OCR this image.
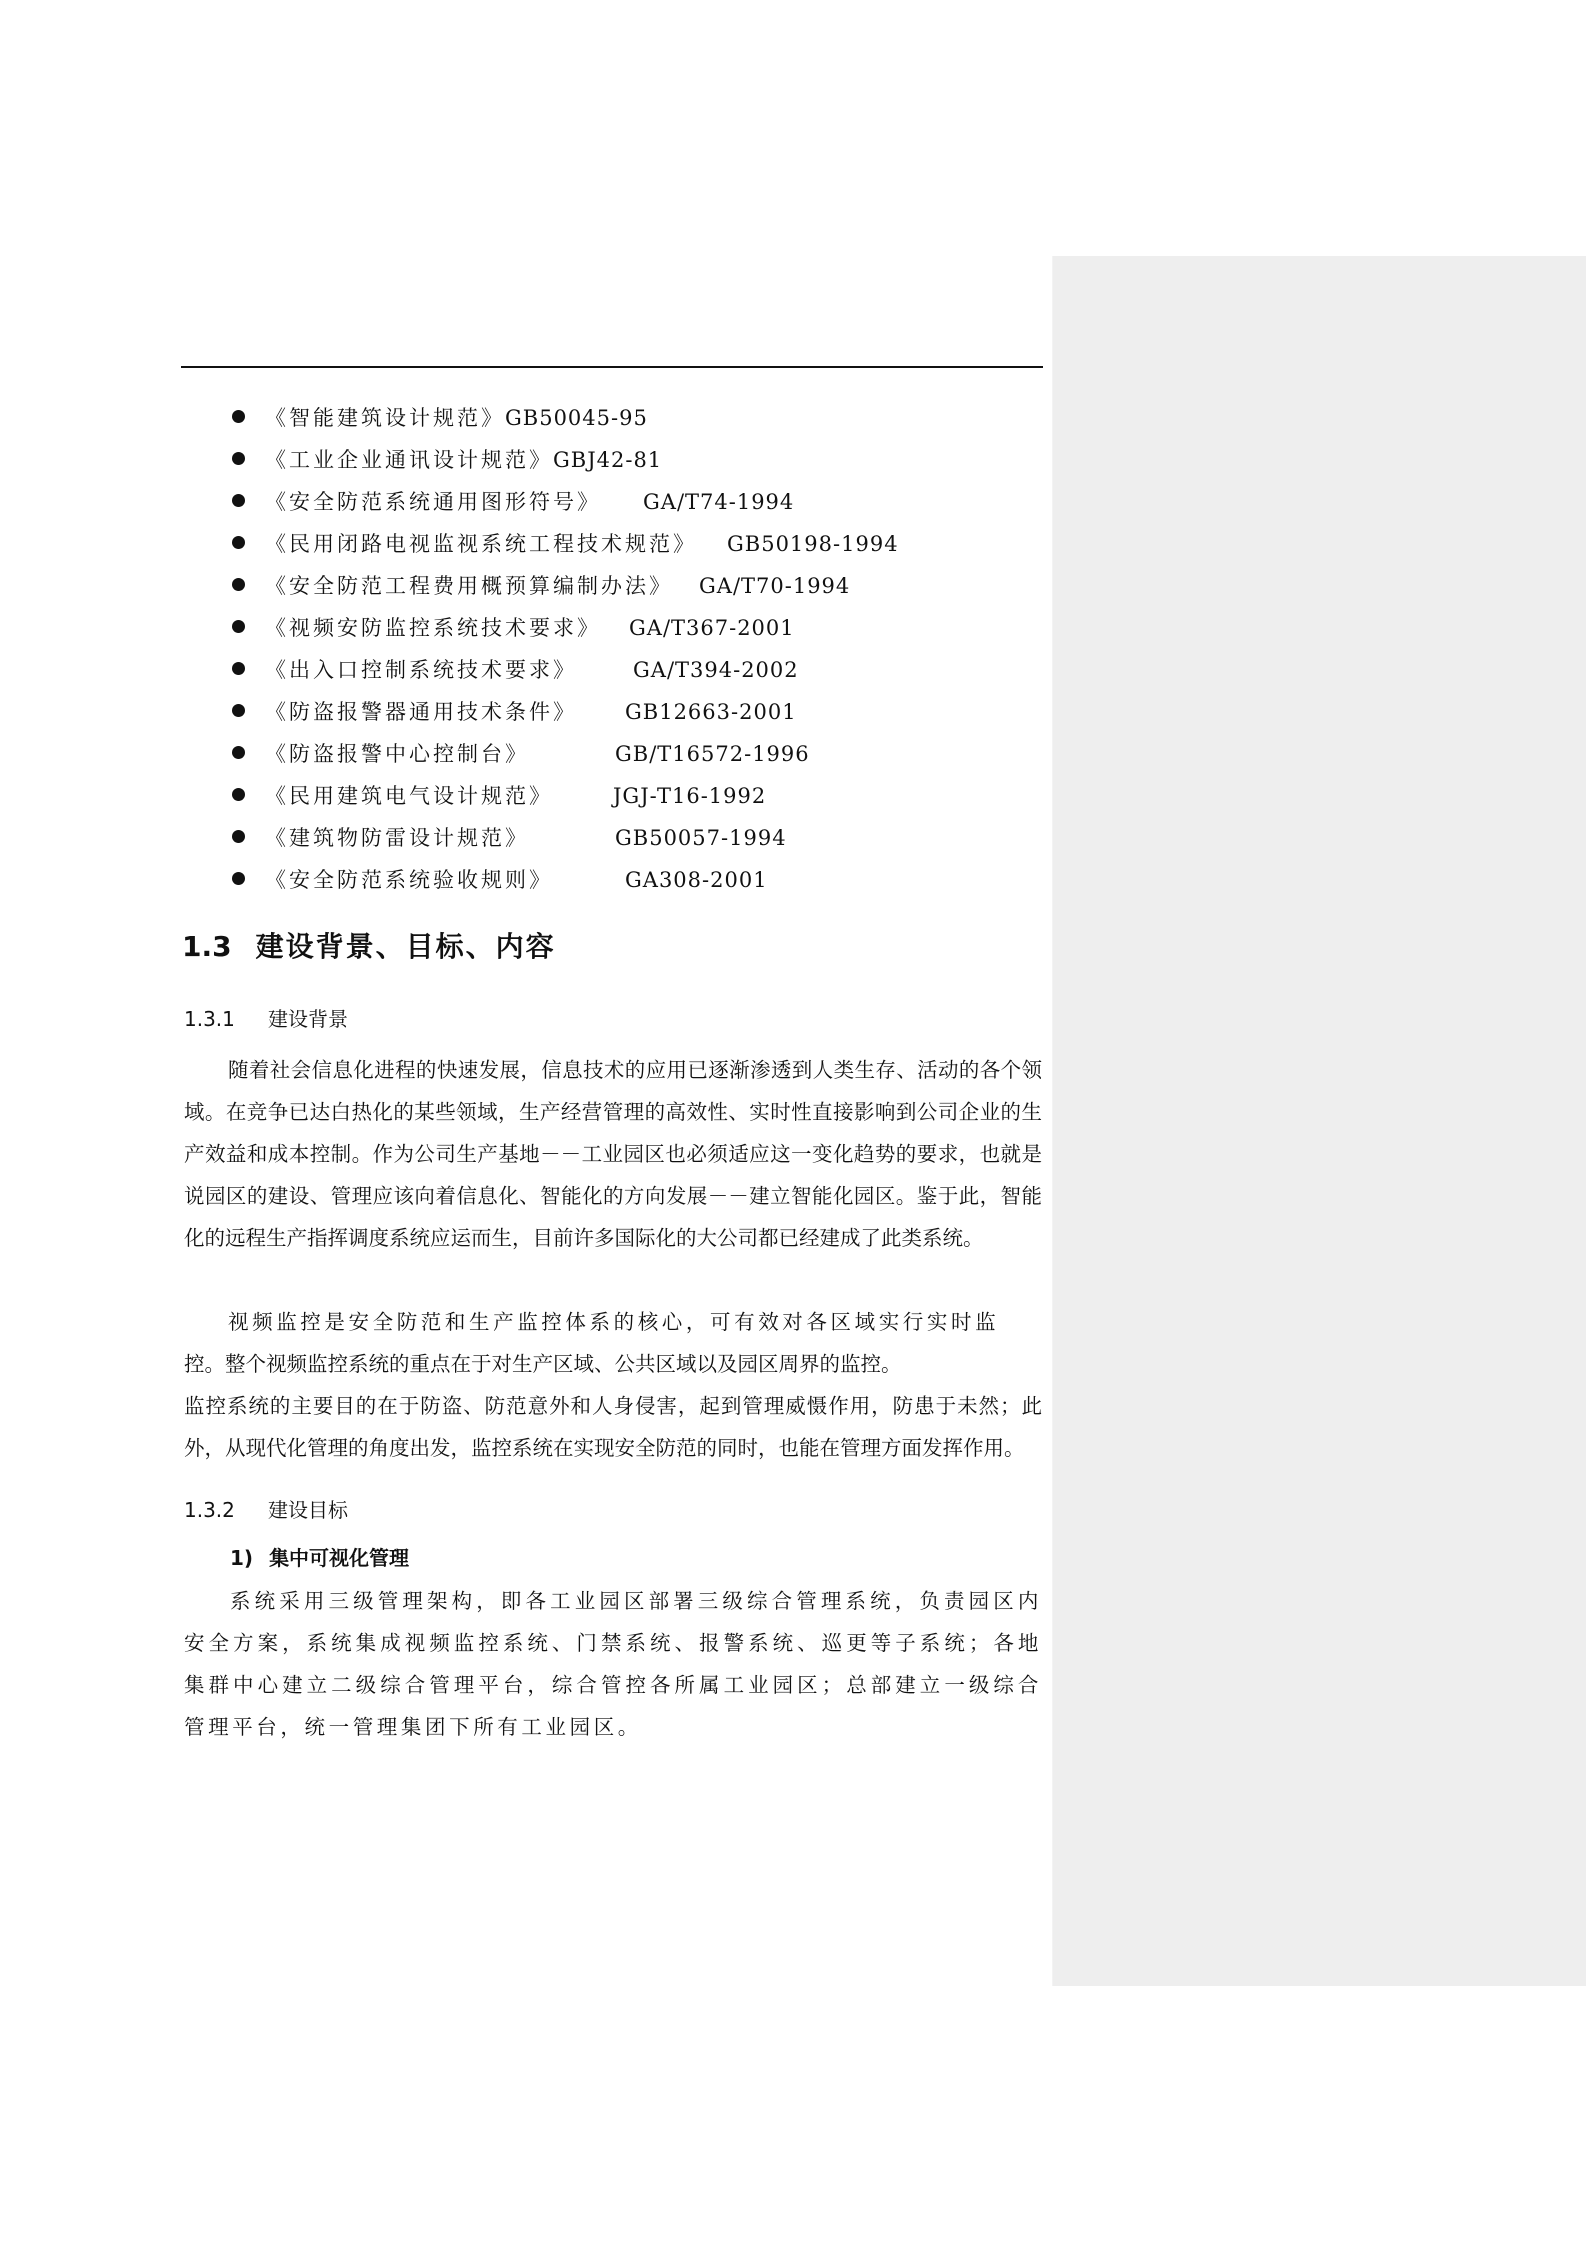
《智能建筑设计规范》GB50045-95
《工业企业通讯设计规范》GBJ42-81
《安全防范系统通用图形符号》 GA/T74-1994
《民用闭路电视监视系统工程技术规范》 GB50198-1994
《安全防范工程费用概预算编制办法》 GA/T70-1994
《视频安防监控系统技术要求》 GA/T367-2001
《出入口控制系统技术要求》	GA/T394-2002
《防盗报警器通用技术条件》 GB12663-2001
《防盗报警中心控制台》	GB/T16572-1996
《民用建筑电气设计规范》	JGJ-T16-1992
《建筑物防雷设计规范》	GB50057-1994
《安全防范系统验收规则》	GA308-2001
1.3 建设背景、目标、内容
1.3.1 建设背景

随着社会信息化进程的快速发展，信息技术的应用已逐渐渗透到人类生存、活动的各个领域。在竞争已达白热化的某些领域，生产经营管理的高效性、实时性直接影响到公司企业的生产效益和成本控制。作为公司生产基地－－工业园区也必须适应这一变化趋势的要求，也就是说园区的建设、管理应该向着信息化、智能化的方向发展－－建立智能化园区。鉴于此，智能化的远程生产指挥调度系统应运而生，目前许多国际化的大公司都已经建成了此类系统。

视频监控是安全防范和生产监控体系的核心，可有效对各区域实行实时监

控。整个视频监控系统的重点在于对生产区域、公共区域以及园区周界的监控。

监控系统的主要目的在于防盗、防范意外和人身侵害，起到管理威慑作用，防患于未然；此外，从现代化管理的角度出发，监控系统在实现安全防范的同时，也能在管理方面发挥作用。

1.3.2 建设目标
1) 集中可视化管理

系统采用三级管理架构，即各工业园区部署三级综合管理系统，负责园区内安全方案，系统集成视频监控系统、门禁系统、报警系统、巡更等子系统；各地集群中心建立二级综合管理平台，综合管控各所属工业园区；总部建立一级综合管理平台，统一管理集团下所有工业园区。
